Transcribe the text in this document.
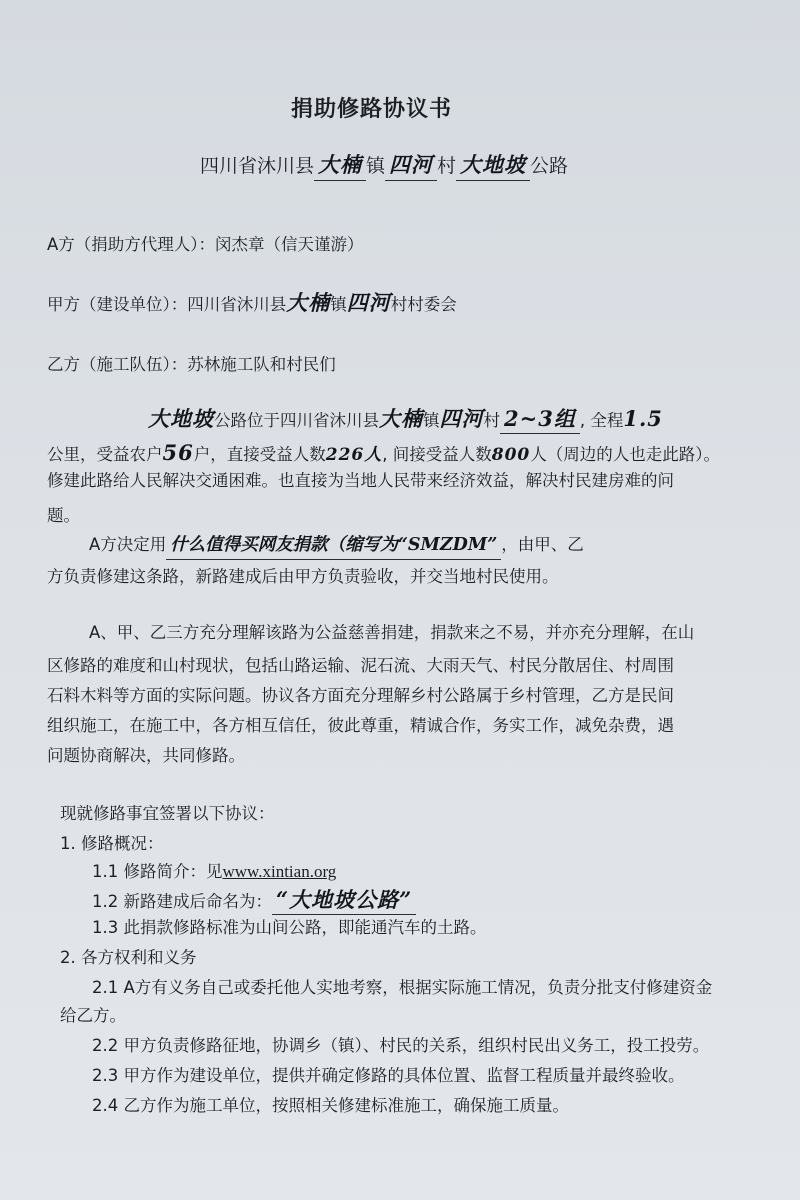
捐助修路协议书
四川省沐川县 大楠 镇 四河 村 大地坡 公路
A方（捐助方代理人）：闵杰章（信天谨游）
甲方（建设单位）：四川省沐川县大楠镇四河村村委会
乙方（施工队伍）：苏林施工队和村民们
大地坡公路位于四川省沐川县大楠镇四河村 2~3组 , 全程1.5
公里，受益农户56户，直接受益人数226人, 间接受益人数800人（周边的人也走此路）。
修建此路给人民解决交通困难。也直接为当地人民带来经济效益，解决村民建房难的问
题。
A方决定用 什么值得买网友捐款（缩写为“SMZDM” ，由甲、乙
方负责修建这条路，新路建成后由甲方负责验收，并交当地村民使用。
A、甲、乙三方充分理解该路为公益慈善捐建，捐款来之不易，并亦充分理解，在山
区修路的难度和山村现状，包括山路运输、泥石流、大雨天气、村民分散居住、村周围
石料木料等方面的实际问题。协议各方面充分理解乡村公路属于乡村管理，乙方是民间
组织施工，在施工中，各方相互信任，彼此尊重，精诚合作，务实工作，减免杂费，遇
问题协商解决，共同修路。
现就修路事宜签署以下协议：
1. 修路概况：
1.1 修路简介：见www.xintian.org
1.2 新路建成后命名为： “大地坡公路”
1.3 此捐款修路标准为山间公路，即能通汽车的土路。
2. 各方权利和义务
2.1 A方有义务自己或委托他人实地考察，根据实际施工情况，负责分批支付修建资金
给乙方。
2.2 甲方负责修路征地，协调乡（镇）、村民的关系，组织村民出义务工，投工投劳。
2.3 甲方作为建设单位，提供并确定修路的具体位置、监督工程质量并最终验收。
2.4 乙方作为施工单位，按照相关修建标准施工，确保施工质量。
